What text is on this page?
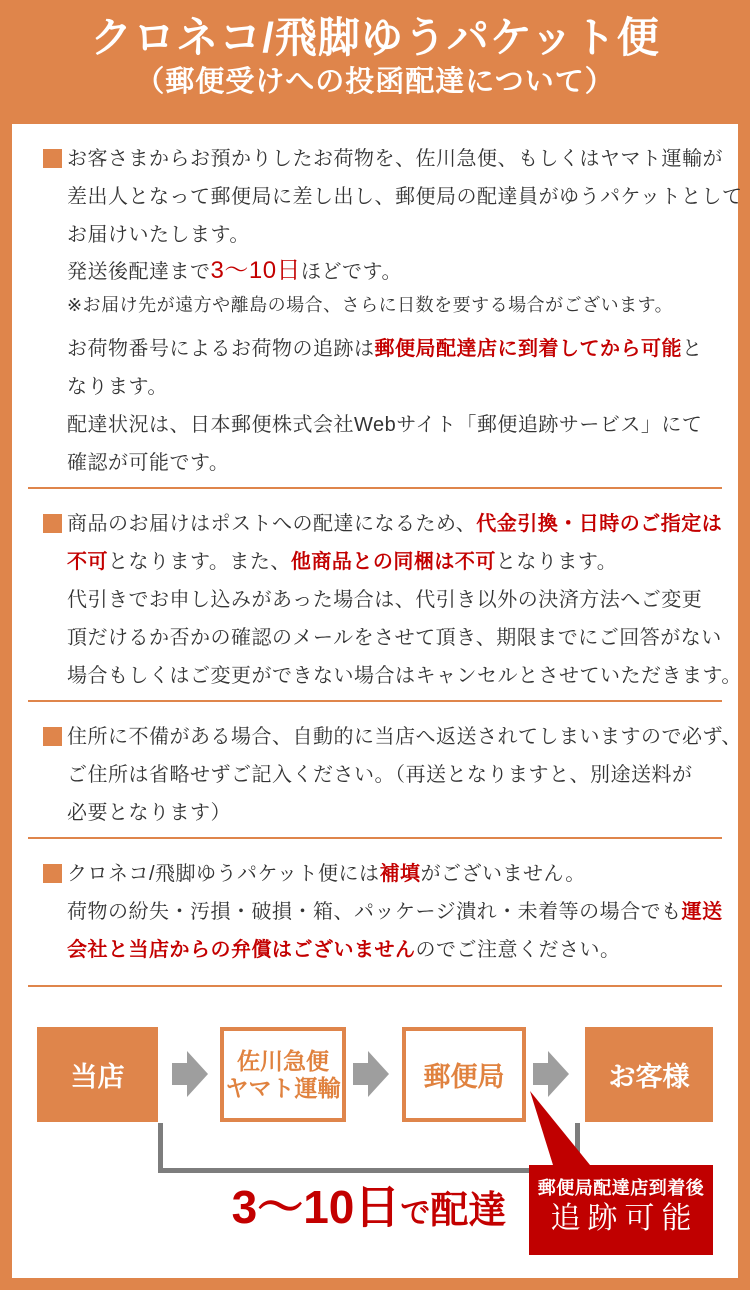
クロネコ/飛脚ゆうパケット便
（郵便受けへの投函配達について）
お客さまからお預かりしたお荷物を、佐川急便、もしくはヤマト運輸が
差出人となって郵便局に差し出し、郵便局の配達員がゆうパケットとして
お届けいたします。
発送後配達まで3～10日ほどです。
※お届け先が遠方や離島の場合、さらに日数を要する場合がございます。
お荷物番号によるお荷物の追跡は郵便局配達店に到着してから可能と
なります。
配達状況は、日本郵便株式会社Webサイト「郵便追跡サービス」にて
確認が可能です。
商品のお届けはポストへの配達になるため、代金引換・日時のご指定は
不可となります。また、他商品との同梱は不可となります。
代引きでお申し込みがあった場合は、代引き以外の決済方法へご変更
頂だけるか否かの確認のメールをさせて頂き、期限までにご回答がない
場合もしくはご変更ができない場合はキャンセルとさせていただきます。
住所に不備がある場合、自動的に当店へ返送されてしまいますので必ず、
ご住所は省略せずご記入ください。（再送となりますと、別途送料が
必要となります）
クロネコ/飛脚ゆうパケット便には補填がございません。
荷物の紛失・汚損・破損・箱、パッケージ潰れ・未着等の場合でも運送
会社と当店からの弁償はございませんのでご注意ください。
当店
佐川急便
ヤマト運輸	郵便局	お客様
3～10日で配達
郵便局配達店到着後
追跡可能
